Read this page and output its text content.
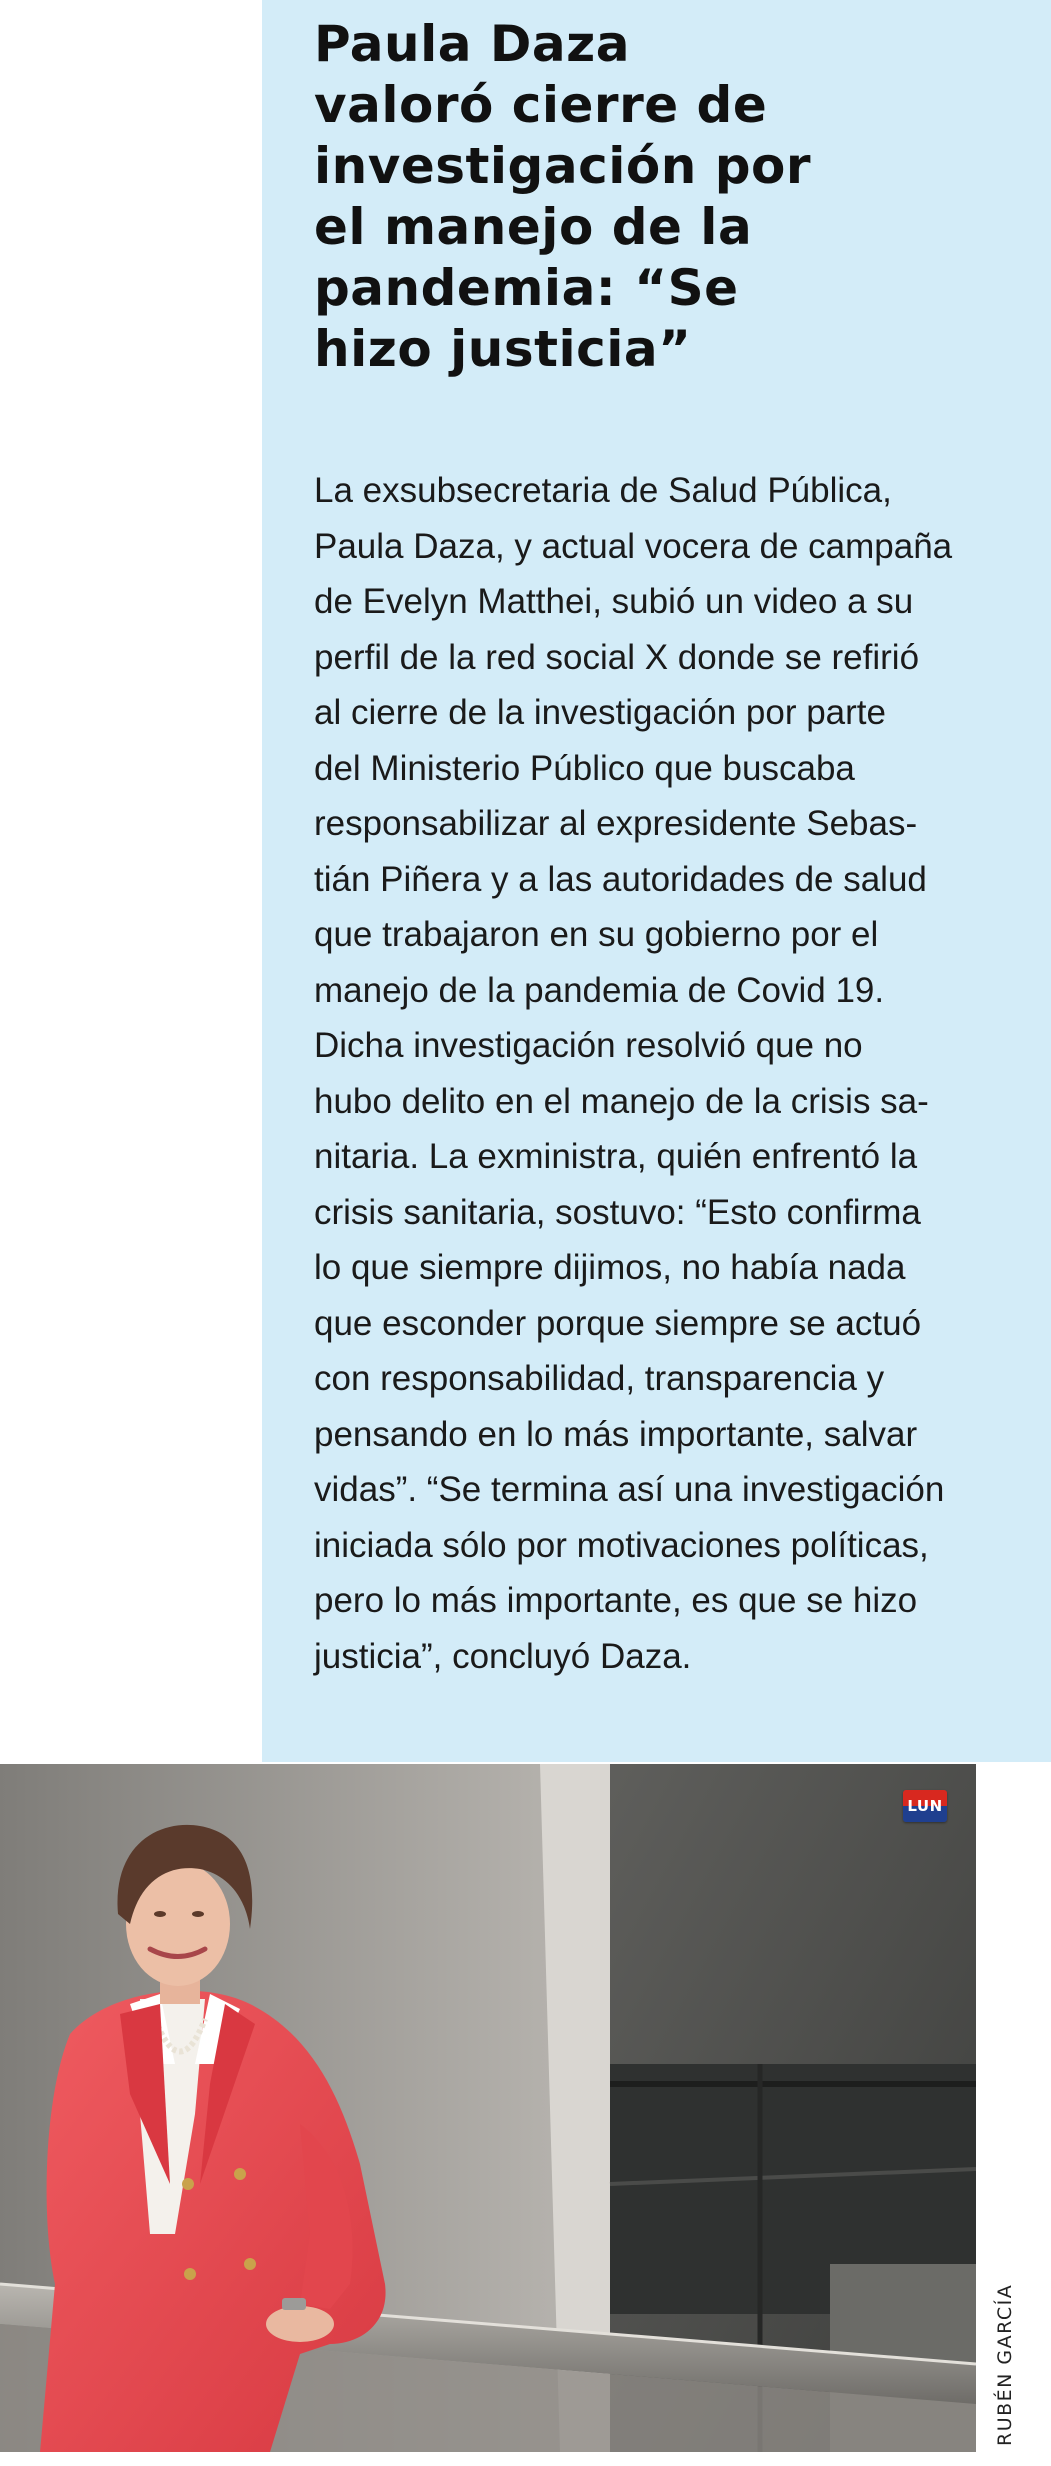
Paula Daza
valoró cierre de
investigación por
el manejo de la
pandemia: “Se
hizo justicia”

La exsubsecretaria de Salud Pública,
Paula Daza, y actual vocera de campaña
de Evelyn Matthei, subió un video a su
perfil de la red social X donde se refirió
al cierre de la investigación por parte
del Ministerio Público que buscaba
responsabilizar al expresidente Sebas-
tián Piñera y a las autoridades de salud
que trabajaron en su gobierno por el
manejo de la pandemia de Covid 19.
Dicha investigación resolvió que no
hubo delito en el manejo de la crisis sa-
nitaria. La exministra, quién enfrentó la
crisis sanitaria, sostuvo: “Esto confirma
lo que siempre dijimos, no había nada
que esconder porque siempre se actuó
con responsabilidad, transparencia y
pensando en lo más importante, salvar
vidas”. “Se termina así una investigación
iniciada sólo por motivaciones políticas,
pero lo más importante, es que se hizo
justicia”, concluyó Daza.

LUN
RUBÉN GARCÍA
